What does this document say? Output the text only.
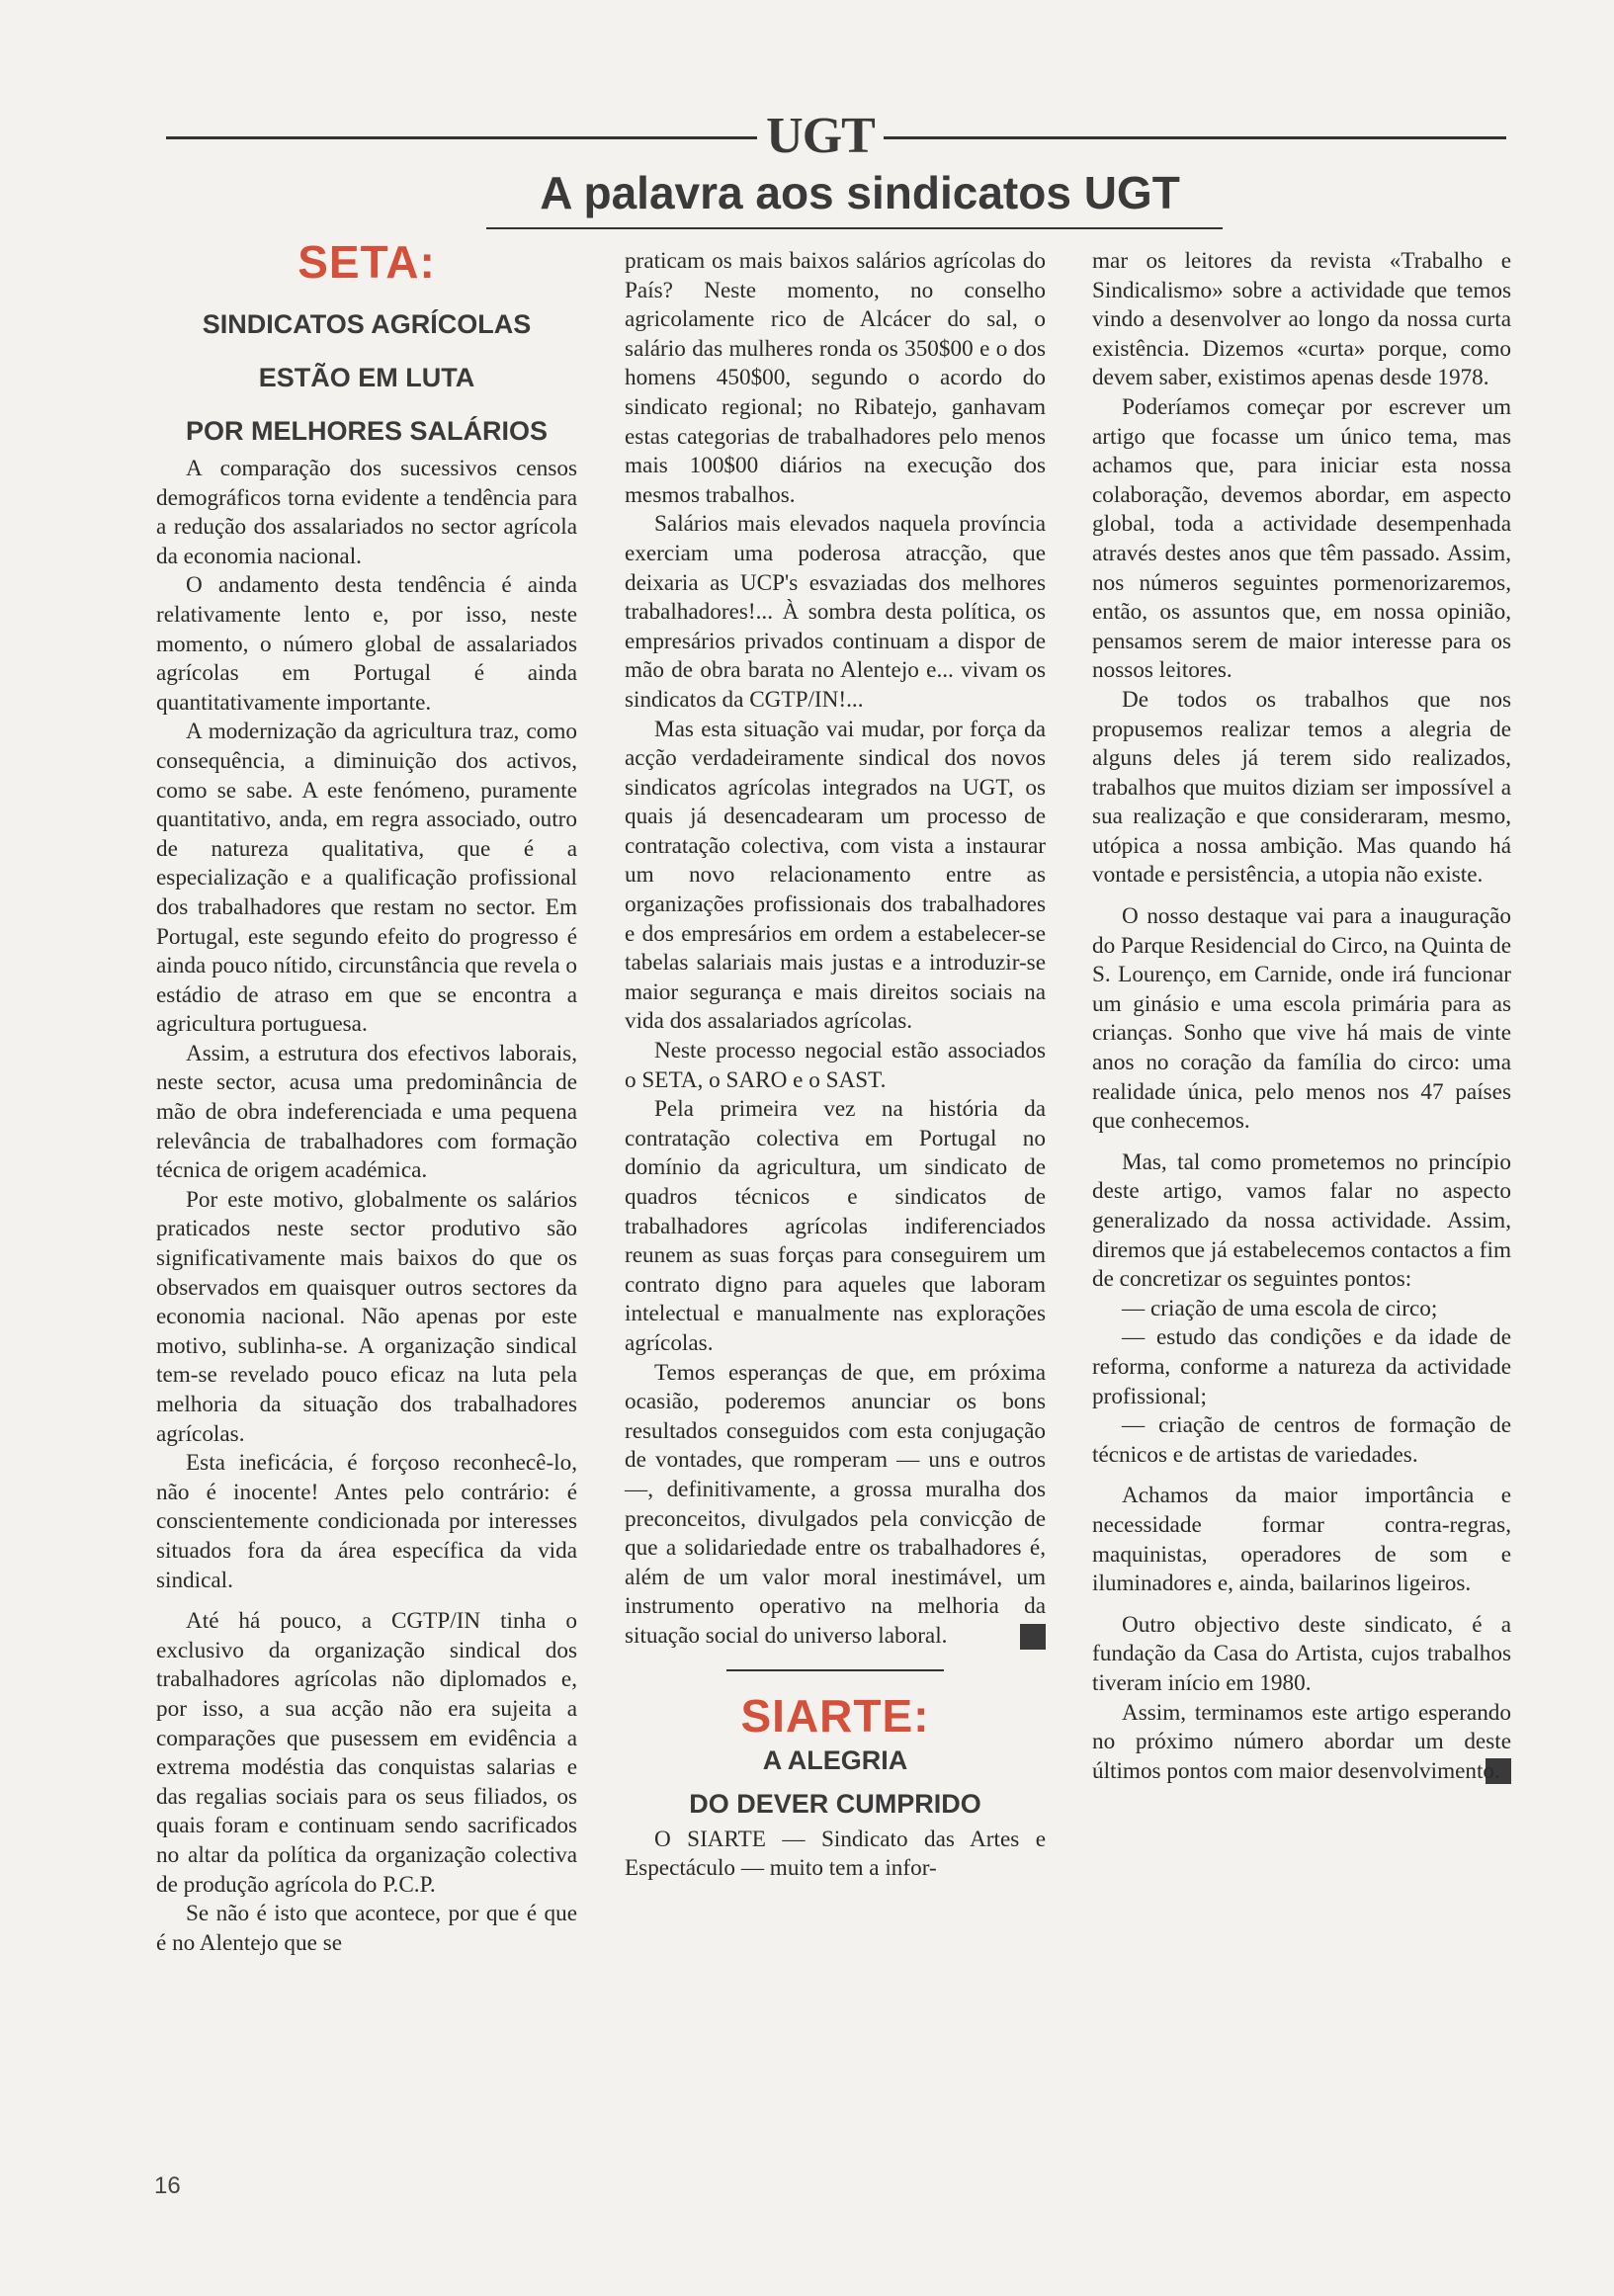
UGT
A palavra aos sindicatos UGT
SETA:
SINDICATOS AGRÍCOLAS
ESTÃO EM LUTA
POR MELHORES SALÁRIOS

A comparação dos sucessivos censos demográficos torna evidente a tendência para a redução dos assalariados no sector agrícola da economia nacional.

O andamento desta tendência é ainda relativamente lento e, por isso, neste momento, o número global de assalariados agrícolas em Portugal é ainda quantitativamente importante.

A modernização da agricultura traz, como consequência, a diminuição dos activos, como se sabe. A este fenómeno, puramente quantitativo, anda, em regra associado, outro de natureza qualitativa, que é a especialização e a qualificação profissional dos trabalhadores que restam no sector. Em Portugal, este segundo efeito do progresso é ainda pouco nítido, circunstância que revela o estádio de atraso em que se encontra a agricultura portuguesa.

Assim, a estrutura dos efectivos laborais, neste sector, acusa uma predominância de mão de obra indeferenciada e uma pequena relevância de trabalhadores com formação técnica de origem académica.

Por este motivo, globalmente os salários praticados neste sector produtivo são significativamente mais baixos do que os observados em quaisquer outros sectores da economia nacional. Não apenas por este motivo, sublinha-se. A organização sindical tem-se revelado pouco eficaz na luta pela melhoria da situação dos trabalhadores agrícolas.

Esta ineficácia, é forçoso reconhecê-lo, não é inocente! Antes pelo contrário: é conscientemente condicionada por interesses situados fora da área específica da vida sindical.

Até há pouco, a CGTP/IN tinha o exclusivo da organização sindical dos trabalhadores agrícolas não diplomados e, por isso, a sua acção não era sujeita a comparações que pusessem em evidência a extrema modéstia das conquistas salarias e das regalias sociais para os seus filiados, os quais foram e continuam sendo sacrificados no altar da política da organização colectiva de produção agrícola do P.C.P.

Se não é isto que acontece, por que é que é no Alentejo que se

praticam os mais baixos salários agrícolas do País? Neste momento, no conselho agricolamente rico de Alcácer do sal, o salário das mulheres ronda os 350$00 e o dos homens 450$00, segundo o acordo do sindicato regional; no Ribatejo, ganhavam estas categorias de trabalhadores pelo menos mais 100$00 diários na execução dos mesmos trabalhos.

Salários mais elevados naquela província exerciam uma poderosa atracção, que deixaria as UCP's esvaziadas dos melhores trabalhadores!... À sombra desta política, os empresários privados continuam a dispor de mão de obra barata no Alentejo e... vivam os sindicatos da CGTP/IN!...

Mas esta situação vai mudar, por força da acção verdadeiramente sindical dos novos sindicatos agrícolas integrados na UGT, os quais já desencadearam um processo de contratação colectiva, com vista a instaurar um novo relacionamento entre as organizações profissionais dos trabalhadores e dos empresários em ordem a estabelecer-se tabelas salariais mais justas e a introduzir-se maior segurança e mais direitos sociais na vida dos assalariados agrícolas.

Neste processo negocial estão associados o SETA, o SARO e o SAST.

Pela primeira vez na história da contratação colectiva em Portugal no domínio da agricultura, um sindicato de quadros técnicos e sindicatos de trabalhadores agrícolas indiferenciados reunem as suas forças para conseguirem um contrato digno para aqueles que laboram intelectual e manualmente nas explorações agrícolas.

Temos esperanças de que, em próxima ocasião, poderemos anunciar os bons resultados conseguidos com esta conjugação de vontades, que romperam — uns e outros —, definitivamente, a grossa muralha dos preconceitos, divulgados pela convicção de que a solidariedade entre os trabalhadores é, além de um valor moral inestimável, um instrumento operativo na melhoria da situação social do universo laboral.

SIARTE:
A ALEGRIA
DO DEVER CUMPRIDO

O SIARTE — Sindicato das Artes e Espectáculo — muito tem a infor-

mar os leitores da revista «Trabalho e Sindicalismo» sobre a actividade que temos vindo a desenvolver ao longo da nossa curta existência. Dizemos «curta» porque, como devem saber, existimos apenas desde 1978.

Poderíamos começar por escrever um artigo que focasse um único tema, mas achamos que, para iniciar esta nossa colaboração, devemos abordar, em aspecto global, toda a actividade desempenhada através destes anos que têm passado. Assim, nos números seguintes pormenorizaremos, então, os assuntos que, em nossa opinião, pensamos serem de maior interesse para os nossos leitores.

De todos os trabalhos que nos propusemos realizar temos a alegria de alguns deles já terem sido realizados, trabalhos que muitos diziam ser impossível a sua realização e que consideraram, mesmo, utópica a nossa ambição. Mas quando há vontade e persistência, a utopia não existe.

O nosso destaque vai para a inauguração do Parque Residencial do Circo, na Quinta de S. Lourenço, em Carnide, onde irá funcionar um ginásio e uma escola primária para as crianças. Sonho que vive há mais de vinte anos no coração da família do circo: uma realidade única, pelo menos nos 47 países que conhecemos.

Mas, tal como prometemos no princípio deste artigo, vamos falar no aspecto generalizado da nossa actividade. Assim, diremos que já estabelecemos contactos a fim de concretizar os seguintes pontos:

— criação de uma escola de circo;

— estudo das condições e da idade de reforma, conforme a natureza da actividade profissional;

— criação de centros de formação de técnicos e de artistas de variedades.

Achamos da maior importância e necessidade formar contra-regras, maquinistas, operadores de som e iluminadores e, ainda, bailarinos ligeiros.

Outro objectivo deste sindicato, é a fundação da Casa do Artista, cujos trabalhos tiveram início em 1980.

Assim, terminamos este artigo esperando no próximo número abordar um deste últimos pontos com maior desenvolvimento.

16
